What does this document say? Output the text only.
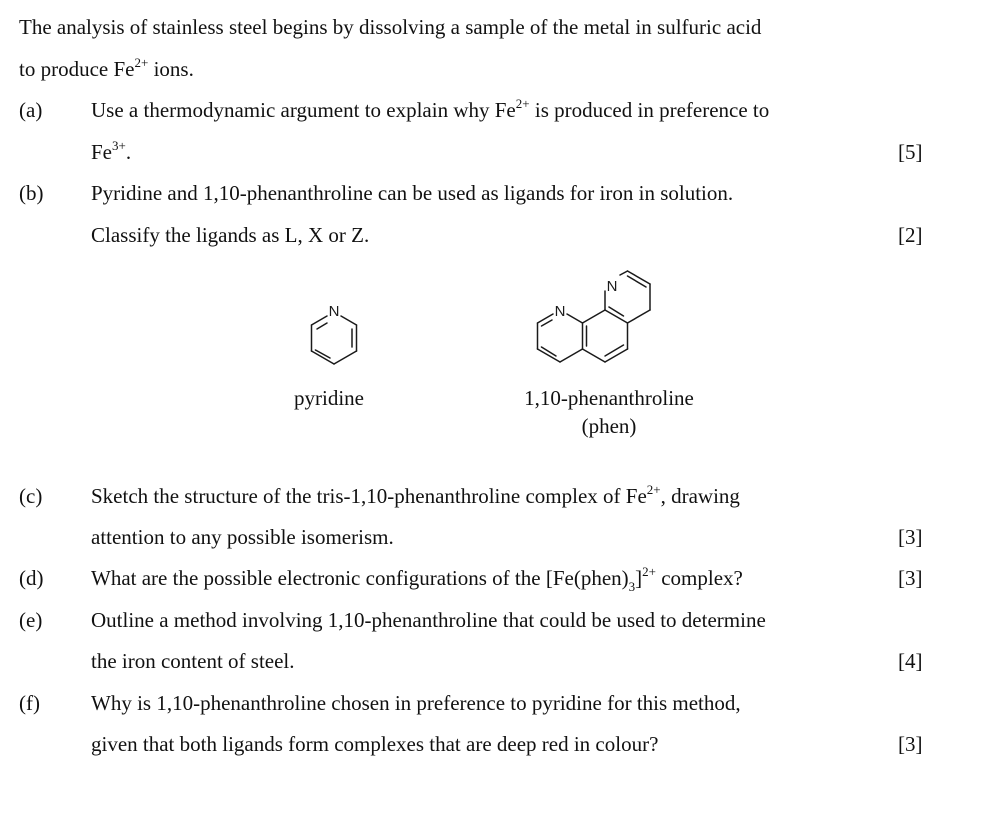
The analysis of stainless steel begins by dissolving a sample of the metal in sulfuric acid
to produce $Fe^{2+}$ ions.
(a) Use a thermodynamic argument to explain why $Fe^{2+}$ is produced in preference to
$Fe^{3+}$.	[5]
(b) Pyridine and 1,10-phenanthroline can be used as ligands for iron in solution.
Classify the ligands as L, X or Z.	[2]
N	N
N
pyridine	1,10-phenanthroline
(phen)
(c) Sketch the structure of the tris-1,10-phenanthroline complex of $Fe^{2+}$, drawing
attention to any possible isomerism.	[3]
(d) What are the possible electronic configurations of the $[Fe(phen)_3]^{2+}$ complex?	[3]
(e) Outline a method involving 1,10-phenanthroline that could be used to determine
the iron content of steel.	[4]
(f) Why is 1,10-phenanthroline chosen in preference to pyridine for this method,
given that both ligands form complexes that are deep red in colour?	[3]
